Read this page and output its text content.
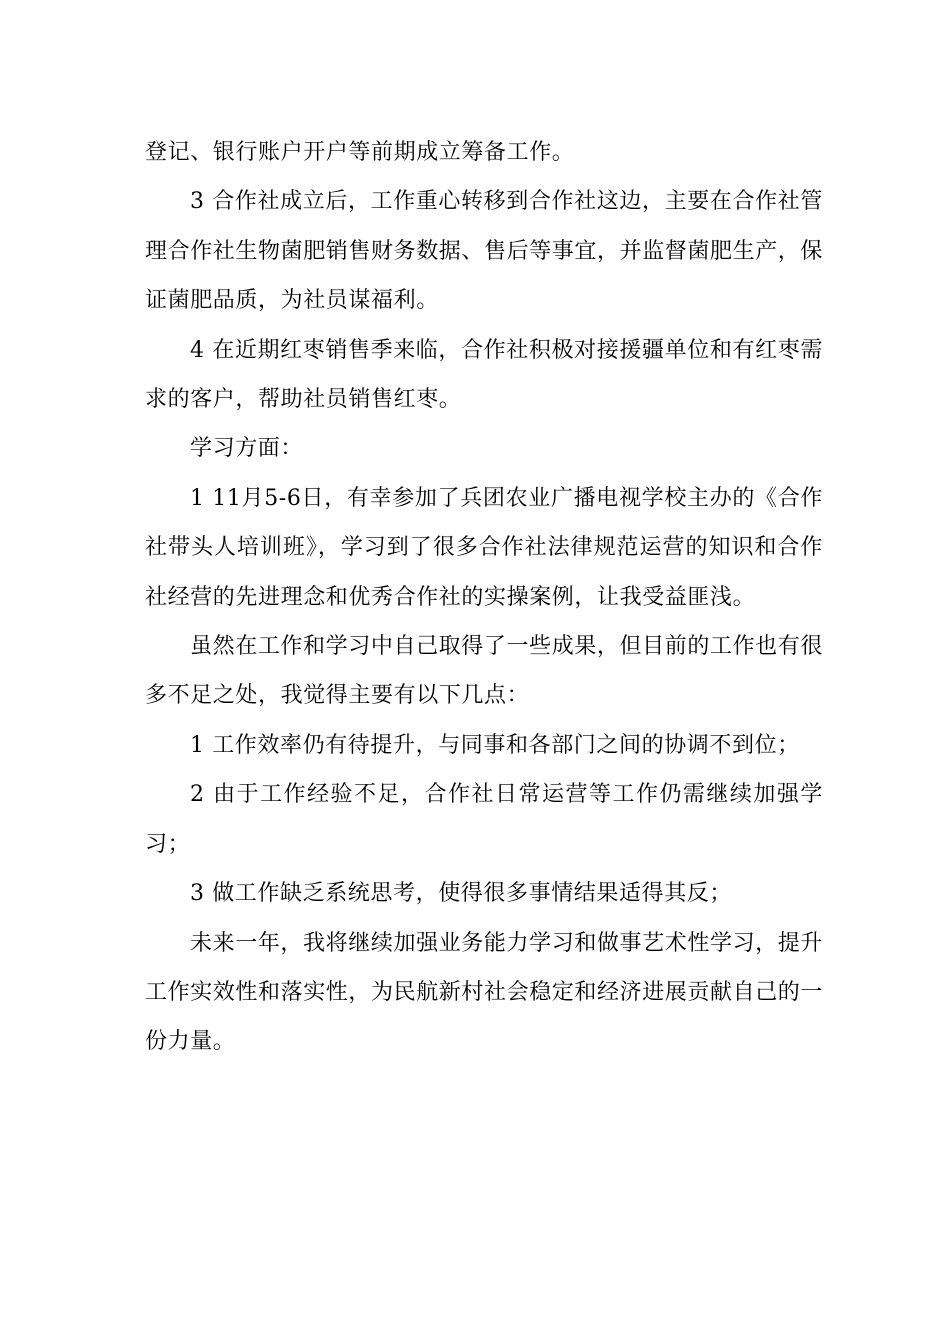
登记、银行账户开户等前期成立筹备工作。

3 合作社成立后，工作重心转移到合作社这边，主要在合作社管理合作社生物菌肥销售财务数据、售后等事宜，并监督菌肥生产，保证菌肥品质，为社员谋福利。

4 在近期红枣销售季来临，合作社积极对接援疆单位和有红枣需求的客户，帮助社员销售红枣。

学习方面：

1 11月5-6日，有幸参加了兵团农业广播电视学校主办的《合作社带头人培训班》，学习到了很多合作社法律规范运营的知识和合作社经营的先进理念和优秀合作社的实操案例，让我受益匪浅。

虽然在工作和学习中自己取得了一些成果，但目前的工作也有很多不足之处，我觉得主要有以下几点：

1 工作效率仍有待提升，与同事和各部门之间的协调不到位；

2 由于工作经验不足，合作社日常运营等工作仍需继续加强学习；

3 做工作缺乏系统思考，使得很多事情结果适得其反；

未来一年，我将继续加强业务能力学习和做事艺术性学习，提升工作实效性和落实性，为民航新村社会稳定和经济进展贡献自己的一份力量。
